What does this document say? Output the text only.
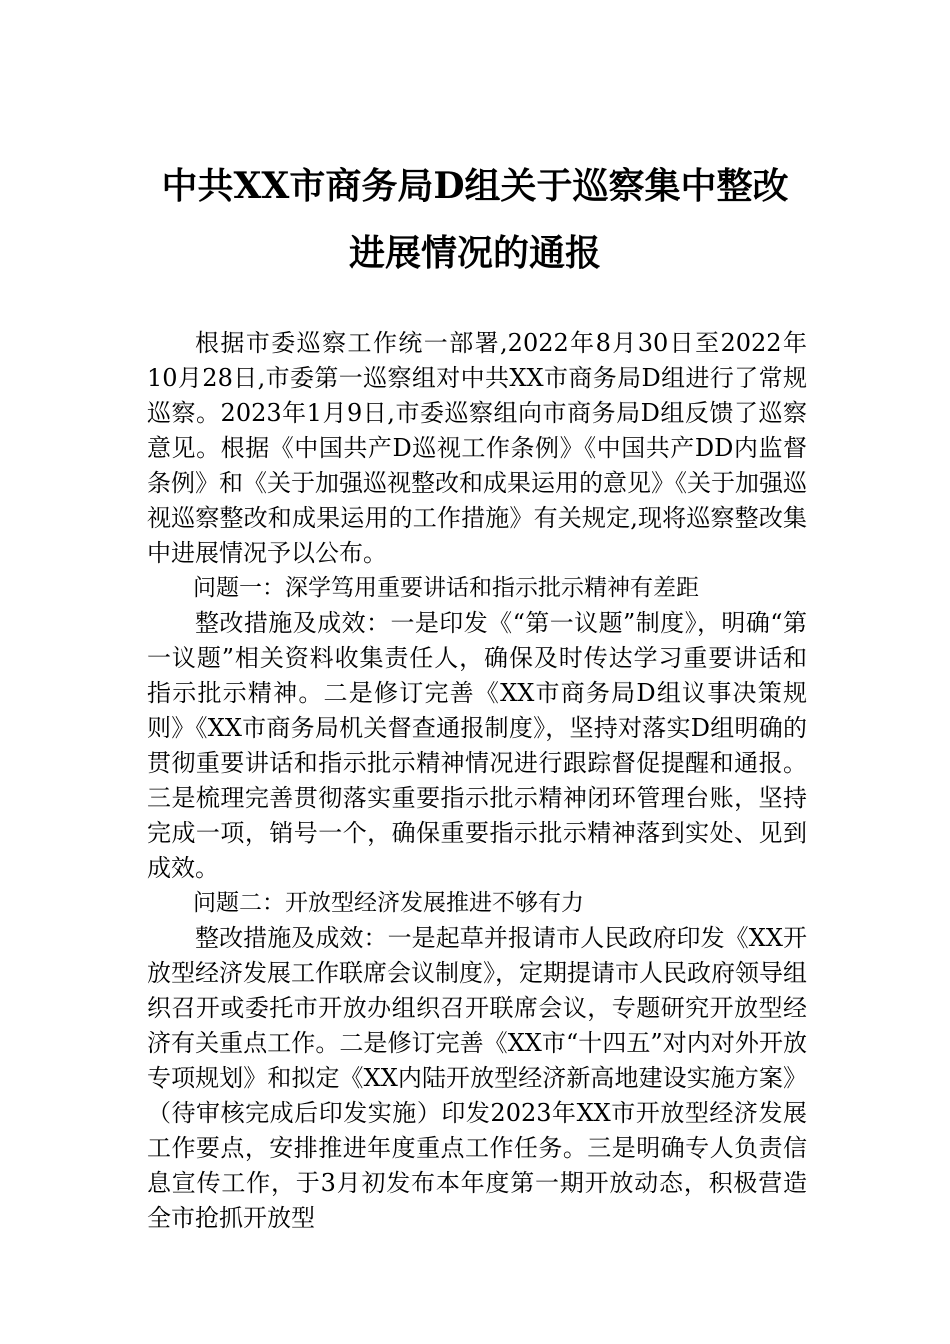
中共XX市商务局D组关于巡察集中整改
进展情况的通报

根据市委巡察工作统一部署,2022年8月30日至2022年10月28日,市委第一巡察组对中共XX市商务局D组进行了常规巡察。2023年1月9日,市委巡察组向市商务局D组反馈了巡察意见。根据《中国共产D巡视工作条例》《中国共产DD内监督条例》和《关于加强巡视整改和成果运用的意见》《关于加强巡视巡察整改和成果运用的工作措施》有关规定,现将巡察整改集中进展情况予以公布。

问题一：深学笃用重要讲话和指示批示精神有差距

整改措施及成效：一是印发《“第一议题”制度》，明确“第一议题”相关资料收集责任人，确保及时传达学习重要讲话和指示批示精神。二是修订完善《XX市商务局D组议事决策规则》《XX市商务局机关督查通报制度》，坚持对落实D组明确的贯彻重要讲话和指示批示精神情况进行跟踪督促提醒和通报。三是梳理完善贯彻落实重要指示批示精神闭环管理台账，坚持完成一项，销号一个，确保重要指示批示精神落到实处、见到成效。

问题二：开放型经济发展推进不够有力

整改措施及成效：一是起草并报请市人民政府印发《XX开放型经济发展工作联席会议制度》，定期提请市人民政府领导组织召开或委托市开放办组织召开联席会议，专题研究开放型经济有关重点工作。二是修订完善《XX市“十四五”对内对外开放专项规划》和拟定《XX内陆开放型经济新高地建设实施方案》（待审核完成后印发实施）印发2023年XX市开放型经济发展工作要点，安排推进年度重点工作任务。三是明确专人负责信息宣传工作，于3月初发布本年度第一期开放动态，积极营造全市抢抓开放型
